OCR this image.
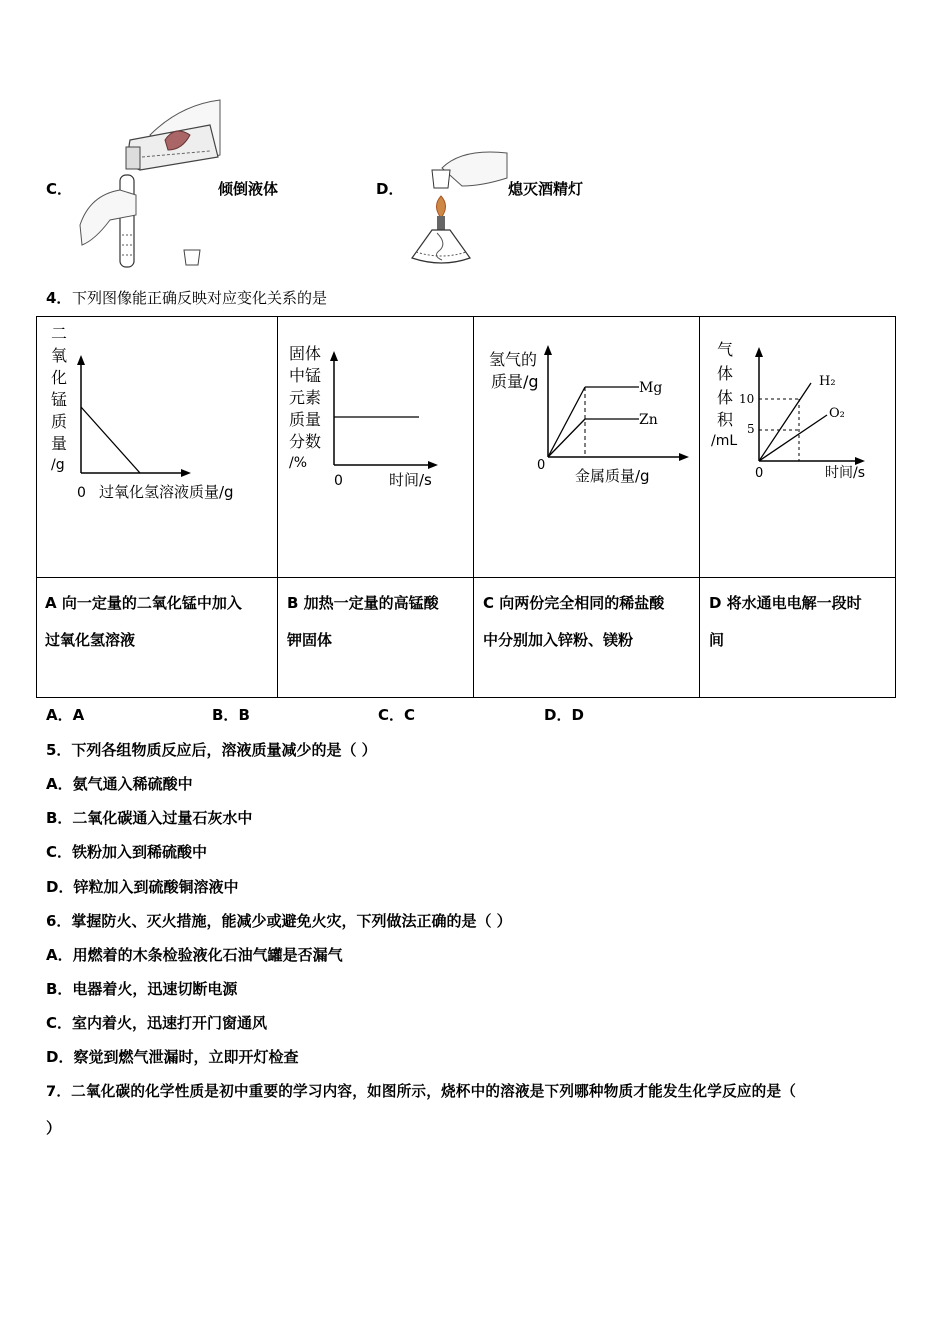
C．	倾倒液体	D．	熄灭酒精灯
4． 下列图像能正确反映对应变化关系的是
二
氧
化
锰
质
量
/g
0 过氧化氢溶液质量/g
固体
中锰
元素
质量
分数
/%
0	时间/s
氢气的
质量/g	Mg
Zn
0
金属质量/g
气
体
体
积
/mL
10
5
H₂
O₂
0	时间/s
A 向一定量的二氧化锰中加入
过氧化氢溶液
B 加热一定量的高锰酸
钾固体
C 向两份完全相同的稀盐酸
中分别加入锌粉、镁粉
D 将水通电电解一段时
间
A．A	B．B	C．C	D．D
5．下列各组物质反应后，溶液质量减少的是（ ）
A．氨气通入稀硫酸中
B．二氧化碳通入过量石灰水中
C．铁粉加入到稀硫酸中
D．锌粒加入到硫酸铜溶液中
6．掌握防火、灭火措施，能减少或避免火灾，下列做法正确的是（ ）
A．用燃着的木条检验液化石油气罐是否漏气
B．电器着火，迅速切断电源
C．室内着火，迅速打开门窗通风
D．察觉到燃气泄漏时，立即开灯检查
7．二氧化碳的化学性质是初中重要的学习内容，如图所示，烧杯中的溶液是下列哪种物质才能发生化学反应的是（
）
